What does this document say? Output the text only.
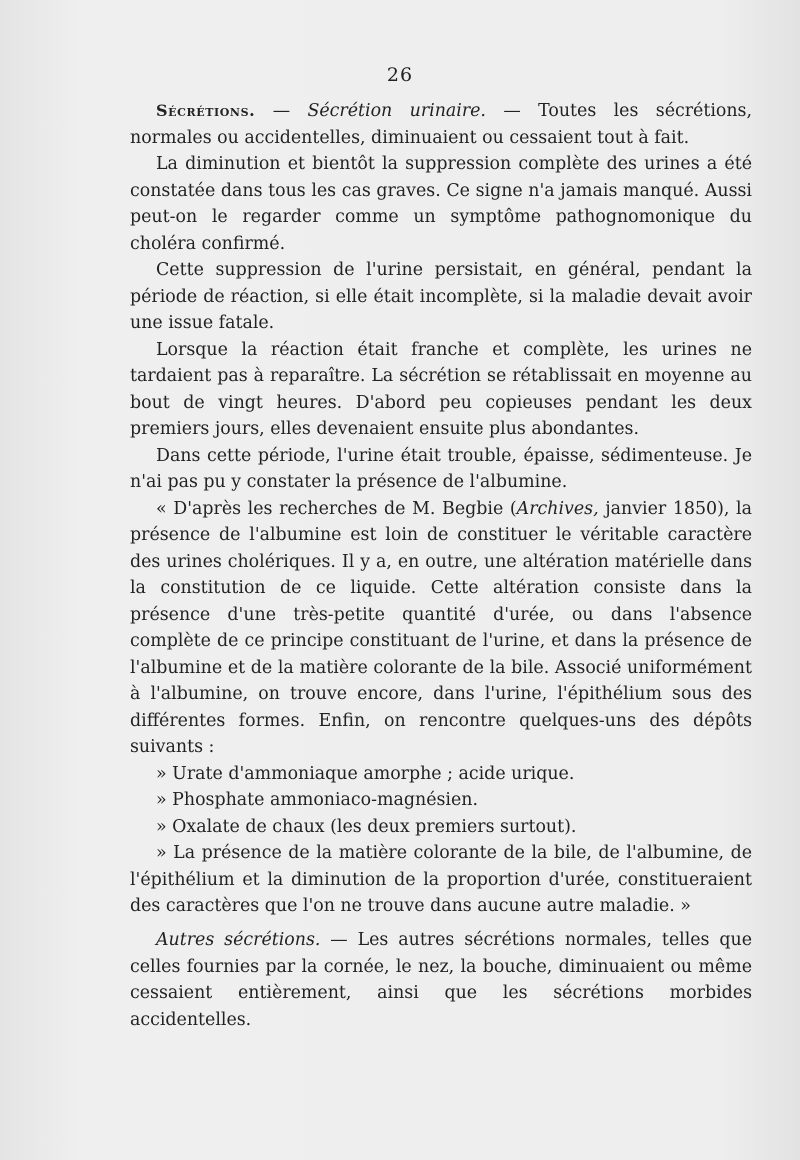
26

Sécrétions. — Sécrétion urinaire. — Toutes les sécrétions, normales ou accidentelles, diminuaient ou cessaient tout à fait.

La diminution et bientôt la suppression complète des urines a été constatée dans tous les cas graves. Ce signe n'a jamais manqué. Aussi peut-on le regarder comme un symptôme pathognomonique du choléra confirmé.

Cette suppression de l'urine persistait, en général, pendant la période de réaction, si elle était incomplète, si la maladie devait avoir une issue fatale.

Lorsque la réaction était franche et complète, les urines ne tardaient pas à reparaître. La sécrétion se rétablissait en moyenne au bout de vingt heures. D'abord peu copieuses pendant les deux premiers jours, elles devenaient ensuite plus abondantes.

Dans cette période, l'urine était trouble, épaisse, sédimenteuse. Je n'ai pas pu y constater la présence de l'albumine.

« D'après les recherches de M. Begbie (Archives, janvier 1850), la présence de l'albumine est loin de constituer le véritable caractère des urines cholériques. Il y a, en outre, une altération matérielle dans la constitution de ce liquide. Cette altération consiste dans la présence d'une très-petite quantité d'urée, ou dans l'absence complète de ce principe constituant de l'urine, et dans la présence de l'albumine et de la matière colorante de la bile. Associé uniformément à l'albumine, on trouve encore, dans l'urine, l'épithélium sous des différentes formes. Enfin, on rencontre quelques-uns des dépôts suivants :

» Urate d'ammoniaque amorphe ; acide urique.

» Phosphate ammoniaco-magnésien.

» Oxalate de chaux (les deux premiers surtout).

» La présence de la matière colorante de la bile, de l'albumine, de l'épithélium et la diminution de la proportion d'urée, constitueraient des caractères que l'on ne trouve dans aucune autre maladie. »

Autres sécrétions. — Les autres sécrétions normales, telles que celles fournies par la cornée, le nez, la bouche, diminuaient ou même cessaient entièrement, ainsi que les sécrétions morbides accidentelles.
